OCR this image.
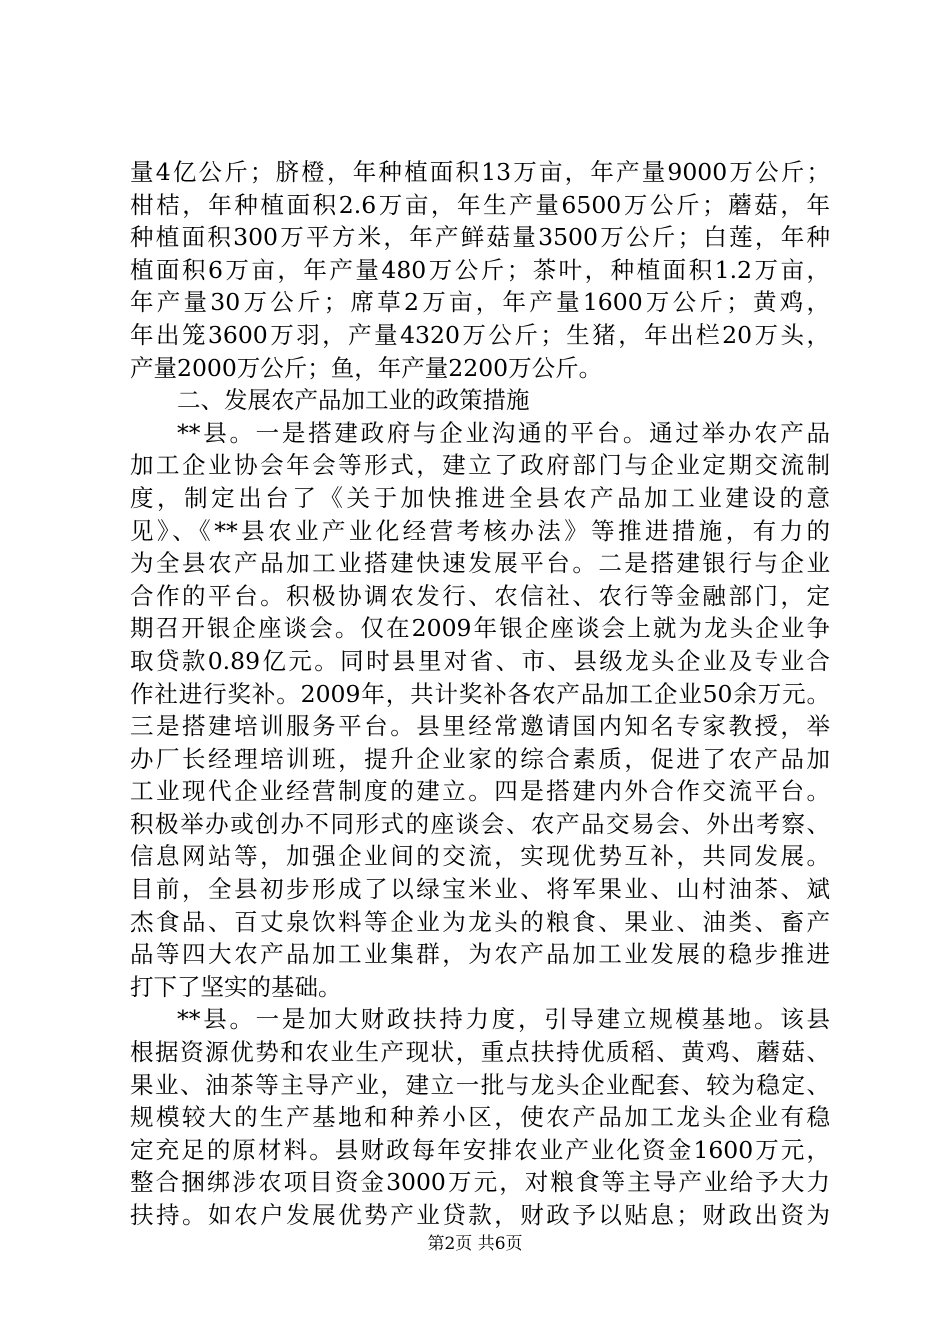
量4亿公斤；脐橙，年种植面积13万亩，年产量9000万公斤；
柑桔，年种植面积2.6万亩，年生产量6500万公斤；蘑菇，年
种植面积300万平方米，年产鲜菇量3500万公斤；白莲，年种
植面积6万亩，年产量480万公斤；茶叶，种植面积1.2万亩，
年产量30万公斤；席草2万亩，年产量1600万公斤；黄鸡，
年出笼3600万羽，产量4320万公斤；生猪，年出栏20万头，
产量2000万公斤；鱼，年产量2200万公斤。
二、发展农产品加工业的政策措施
**县。一是搭建政府与企业沟通的平台。通过举办农产品
加工企业协会年会等形式，建立了政府部门与企业定期交流制
度，制定出台了《关于加快推进全县农产品加工业建设的意
见》、《**县农业产业化经营考核办法》等推进措施，有力的
为全县农产品加工业搭建快速发展平台。二是搭建银行与企业
合作的平台。积极协调农发行、农信社、农行等金融部门，定
期召开银企座谈会。仅在2009年银企座谈会上就为龙头企业争
取贷款0.89亿元。同时县里对省、市、县级龙头企业及专业合
作社进行奖补。2009年，共计奖补各农产品加工企业50余万元。
三是搭建培训服务平台。县里经常邀请国内知名专家教授，举
办厂长经理培训班，提升企业家的综合素质，促进了农产品加
工业现代企业经营制度的建立。四是搭建内外合作交流平台。
积极举办或创办不同形式的座谈会、农产品交易会、外出考察、
信息网站等，加强企业间的交流，实现优势互补，共同发展。
目前，全县初步形成了以绿宝米业、将军果业、山村油茶、斌
杰食品、百丈泉饮料等企业为龙头的粮食、果业、油类、畜产
品等四大农产品加工业集群，为农产品加工业发展的稳步推进
打下了坚实的基础。
**县。一是加大财政扶持力度，引导建立规模基地。该县
根据资源优势和农业生产现状，重点扶持优质稻、黄鸡、蘑菇、
果业、油茶等主导产业，建立一批与龙头企业配套、较为稳定、
规模较大的生产基地和种养小区，使农产品加工龙头企业有稳
定充足的原材料。县财政每年安排农业产业化资金1600万元，
整合捆绑涉农项目资金3000万元，对粮食等主导产业给予大力
扶持。如农户发展优势产业贷款，财政予以贴息；财政出资为
第2页 共6页
